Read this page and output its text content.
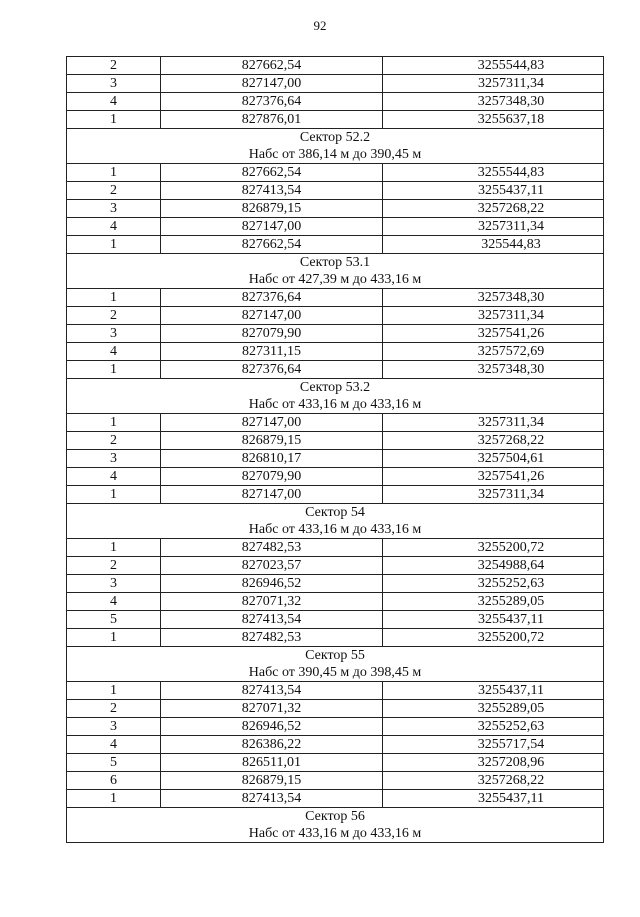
92
2	827662,54	3255544,83
3	827147,00	3257311,34
4	827376,64	3257348,30
1	827876,01	3255637,18
Сектор 52.2		
Набс от 386,14 м до 390,45 м		
1	827662,54	3255544,83
2	827413,54	3255437,11
3	826879,15	3257268,22
4	827147,00	3257311,34
1	827662,54	325544,83
Сектор 53.1		
Набс от 427,39 м до 433,16 м		
1	827376,64	3257348,30
2	827147,00	3257311,34
3	827079,90	3257541,26
4	827311,15	3257572,69
1	827376,64	3257348,30
Сектор 53.2		
Набс от 433,16 м до 433,16 м		
1	827147,00	3257311,34
2	826879,15	3257268,22
3	826810,17	3257504,61
4	827079,90	3257541,26
1	827147,00	3257311,34
Сектор 54		
Набс от 433,16 м до 433,16 м		
1	827482,53	3255200,72
2	827023,57	3254988,64
3	826946,52	3255252,63
4	827071,32	3255289,05
5	827413,54	3255437,11
1	827482,53	3255200,72
Сектор 55		
Набс от 390,45 м до 398,45 м		
1	827413,54	3255437,11
2	827071,32	3255289,05
3	826946,52	3255252,63
4	826386,22	3255717,54
5	826511,01	3257208,96
6	826879,15	3257268,22
1	827413,54	3255437,11
Сектор 56		
Набс от 433,16 м до 433,16 м		
